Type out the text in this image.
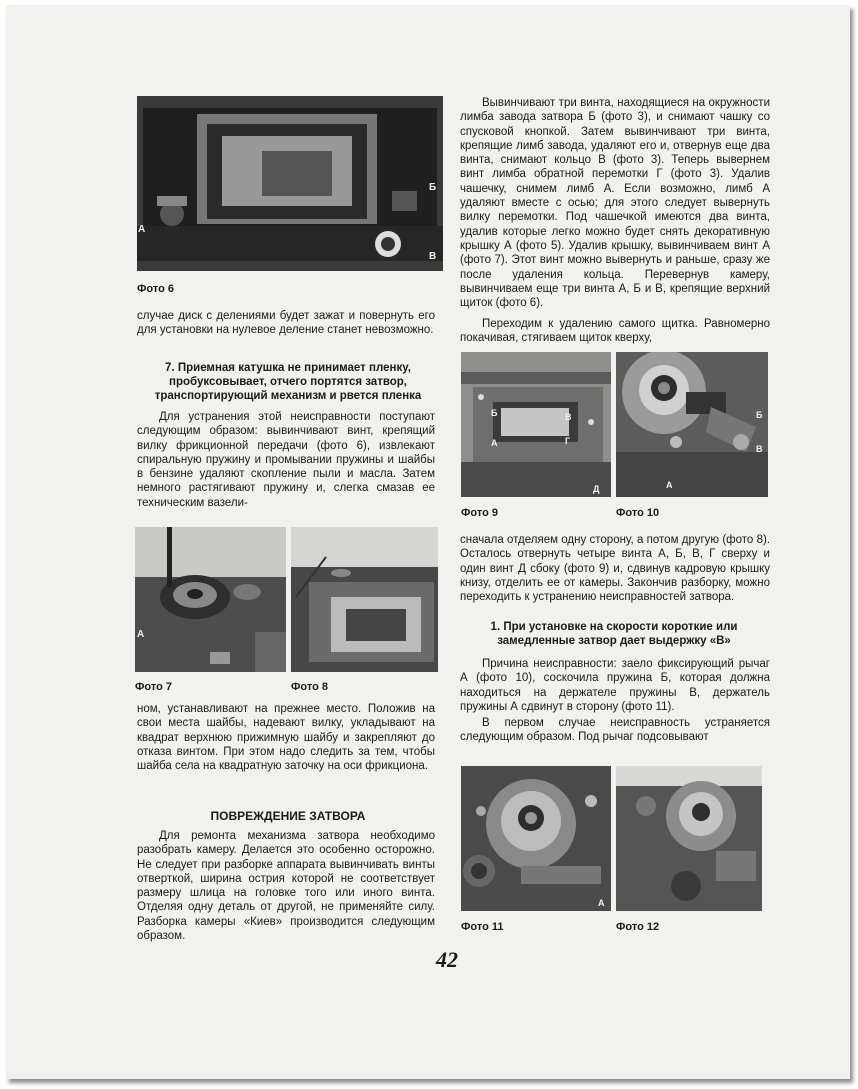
А
Б
В
Фото 6

случае диск с делениями будет зажат и повернуть его для установки на нулевое деление станет невозможно.

7. Приемная катушка не принимает пленку, пробуксовывает, отчего портятся затвор, транспортирующий механизм и рвется пленка

Для устранения этой неисправности поступают следующим образом: вывинчивают винт, крепящий вилку фрикционной передачи (фото 6), извлекают спиральную пружину и промывании пружины и шайбы в бензине удаляют скопление пыли и масла. Затем немного растягивают пружину и, слегка смазав ее техническим вазели-

А
Фото 7	Фото 8

ном, устанавливают на прежнее место. Положив на свои места шайбы, надевают вилку, укладывают на квадрат верхнюю прижимную шайбу и закрепляют до отказа винтом. При этом надо следить за тем, чтобы шайба села на квадратную заточку на оси фрикциона.

ПОВРЕЖДЕНИЕ ЗАТВОРА

Для ремонта механизма затвора необходимо разобрать камеру. Делается это особенно осторожно. Не следует при разборке аппарата вывинчивать винты отверткой, ширина острия которой не соответствует размеру шлица на головке того или иного винта. Отделяя одну деталь от другой, не применяйте силу. Разборка камеры «Киев» производится следующим образом.

Вывинчивают три винта, находящиеся на окружности лимба завода затвора Б (фото 3), и снимают чашку со спусковой кнопкой. Затем вывинчивают три винта, крепящие лимб завода, удаляют его и, отвернув еще два винта, снимают кольцо В (фото 3). Теперь вывернем винт лимба обратной перемотки Г (фото 3). Удалив чашечку, снимем лимб А. Если возможно, лимб А удаляют вместе с осью; для этого следует вывернуть вилку перемотки. Под чашечкой имеются два винта, удалив которые легко можно будет снять декоративную крышку А (фото 5). Удалив крышку, вывинчиваем винт А (фото 7). Этот винт можно вывернуть и раньше, сразу же после удаления кольца. Перевернув камеру, вывинчиваем еще три винта А, Б и В, крепящие верхний щиток (фото 6).

Переходим к удалению самого щитка. Равномерно покачивая, стягиваем щиток кверху,

Б	В
А	Г
Д
Фото 9
Б
В
А
Фото 10

сначала отделяем одну сторону, а потом другую (фото 8). Осталось отвернуть четыре винта А, Б, В, Г сверху и один винт Д сбоку (фото 9) и, сдвинув кадровую крышку книзу, отделить ее от камеры. Закончив разборку, можно переходить к устранению неисправностей затвора.

1. При установке на скорости короткие или замедленные затвор дает выдержку «В»

Причина неисправности: заело фиксирующий рычаг А (фото 10), соскочила пружина Б, которая должна находиться на держателе пружины В, держатель пружины А сдвинут в сторону (фото 11).

В первом случае неисправность устраняется следующим образом. Под рычаг подсовывают

А
Фото 11	Фото 12
42
